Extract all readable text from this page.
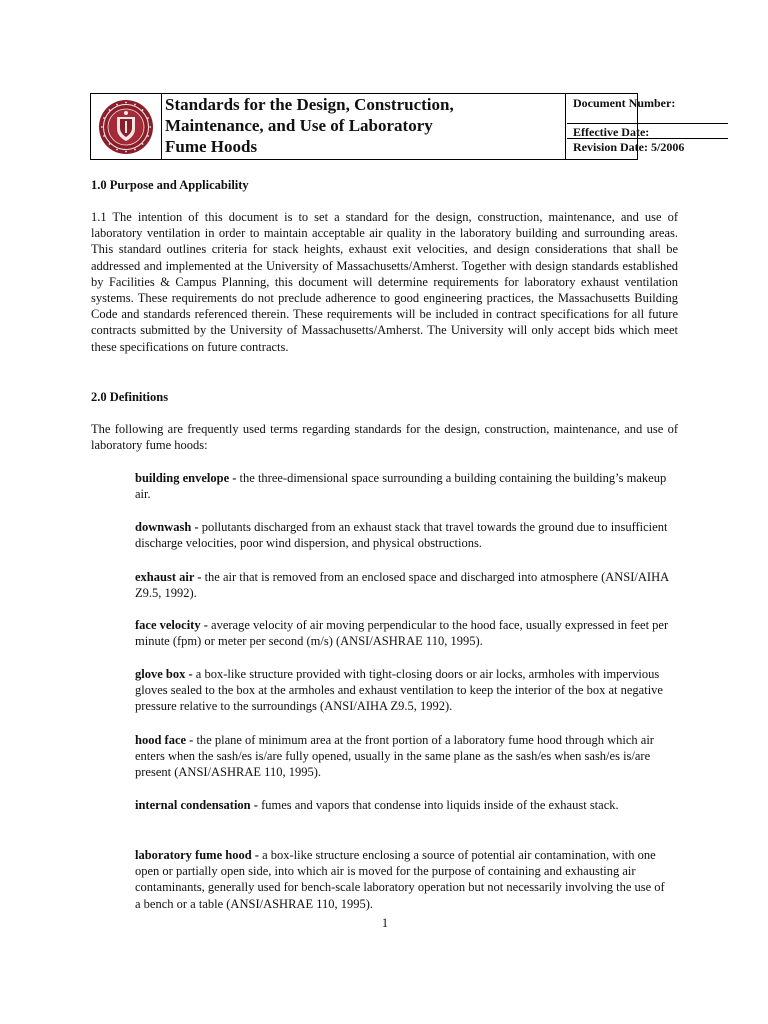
Standards for the Design, Construction,
Maintenance, and Use of Laboratory
Fume Hoods
Document Number:
Effective Date:
Revision Date: 5/2006
1.0 Purpose and Applicability
1.1 The intention of this document is to set a standard for the design, construction, maintenance, and use of laboratory ventilation in order to maintain acceptable air quality in the laboratory building and surrounding areas. This standard outlines criteria for stack heights, exhaust exit velocities, and design considerations that shall be addressed and implemented at the University of Massachusetts/Amherst. Together with design standards established by Facilities & Campus Planning, this document will determine requirements for laboratory exhaust ventilation systems. These requirements do not preclude adherence to good engineering practices, the Massachusetts Building Code and standards referenced therein. These requirements will be included in contract specifications for all future contracts submitted by the University of Massachusetts/Amherst. The University will only accept bids which meet these specifications on future contracts.
2.0 Definitions
The following are frequently used terms regarding standards for the design, construction, maintenance, and use of laboratory fume hoods:
building envelope - the three-dimensional space surrounding a building containing the building’s makeup air.
downwash - pollutants discharged from an exhaust stack that travel towards the ground due to insufficient discharge velocities, poor wind dispersion, and physical obstructions.
exhaust air - the air that is removed from an enclosed space and discharged into atmosphere (ANSI/AIHA Z9.5, 1992).
face velocity - average velocity of air moving perpendicular to the hood face, usually expressed in feet per minute (fpm) or meter per second (m/s) (ANSI/ASHRAE 110, 1995).
glove box - a box-like structure provided with tight-closing doors or air locks, armholes with impervious gloves sealed to the box at the armholes and exhaust ventilation to keep the interior of the box at negative pressure relative to the surroundings (ANSI/AIHA Z9.5, 1992).
hood face - the plane of minimum area at the front portion of a laboratory fume hood through which air enters when the sash/es is/are fully opened, usually in the same plane as the sash/es when sash/es is/are present (ANSI/ASHRAE 110, 1995).
internal condensation - fumes and vapors that condense into liquids inside of the exhaust stack.
laboratory fume hood - a box-like structure enclosing a source of potential air contamination, with one open or partially open side, into which air is moved for the purpose of containing and exhausting air contaminants, generally used for bench-scale laboratory operation but not necessarily involving the use of a bench or a table (ANSI/ASHRAE 110, 1995).
1
